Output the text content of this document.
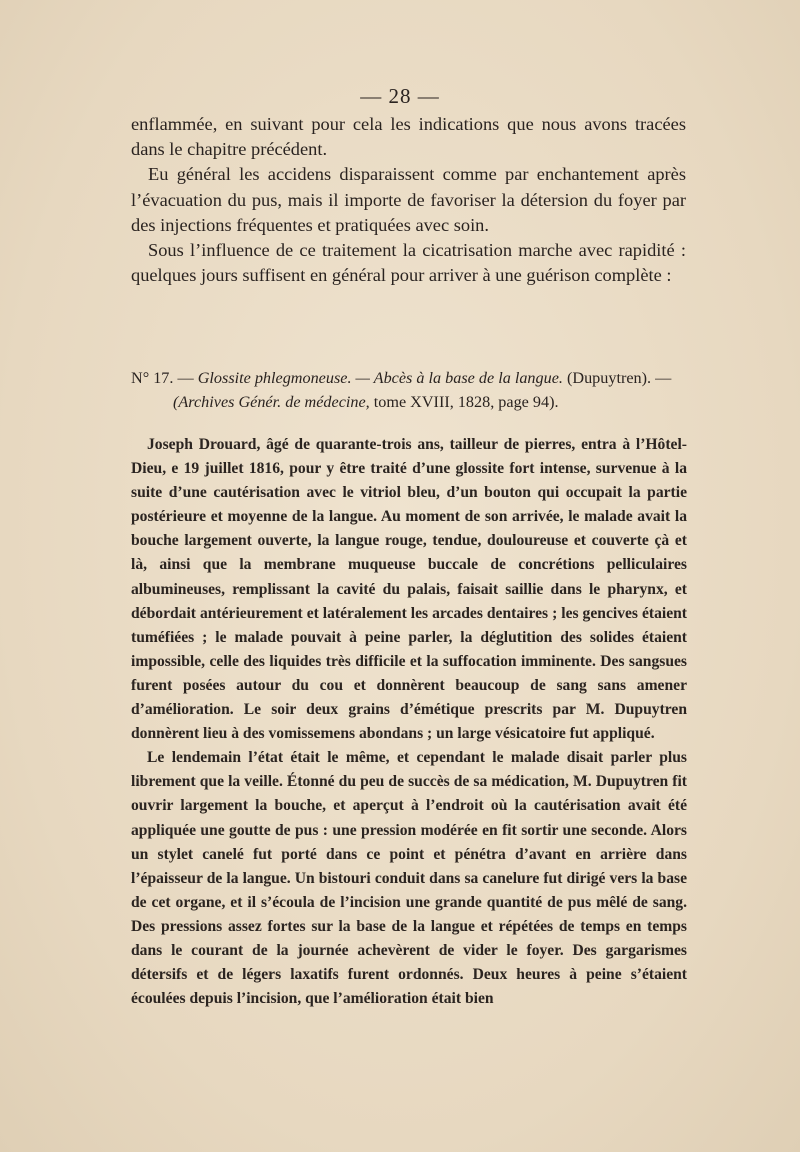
— 28 —

enflammée, en suivant pour cela les indications que nous avons tracées dans le chapitre précédent.

Eu général les accidens disparaissent comme par enchantement après l’évacuation du pus, mais il importe de favoriser la détersion du foyer par des injections fréquentes et pratiquées avec soin.

Sous l’influence de ce traitement la cicatrisation marche avec rapidité : quelques jours suffisent en général pour arriver à une guérison complète :

N° 17. — Glossite phlegmoneuse. — Abcès à la base de la langue. (Dupuytren). —
(Archives Génér. de médecine, tome XVIII, 1828, page 94).

Joseph Drouard, âgé de quarante-trois ans, tailleur de pierres, entra à l’Hôtel-Dieu, e 19 juillet 1816, pour y être traité d’une glossite fort intense, survenue à la suite d’une cautérisation avec le vitriol bleu, d’un bouton qui occupait la partie postérieure et moyenne de la langue. Au moment de son arrivée, le malade avait la bouche largement ouverte, la langue rouge, tendue, douloureuse et couverte çà et là, ainsi que la membrane muqueuse buccale de concrétions pelliculaires albumineuses, remplissant la cavité du palais, faisait saillie dans le pharynx, et débordait antérieurement et latéralement les arcades dentaires ; les gencives étaient tuméfiées ; le malade pouvait à peine parler, la déglutition des solides étaient impossible, celle des liquides très difficile et la suffocation imminente. Des sangsues furent posées autour du cou et donnèrent beaucoup de sang sans amener d’amélioration. Le soir deux grains d’émétique prescrits par M. Dupuytren donnèrent lieu à des vomissemens abondans ; un large vésicatoire fut appliqué.

Le lendemain l’état était le même, et cependant le malade disait parler plus librement que la veille. Étonné du peu de succès de sa médication, M. Dupuytren fit ouvrir largement la bouche, et aperçut à l’endroit où la cautérisation avait été appliquée une goutte de pus : une pression modérée en fit sortir une seconde. Alors un stylet canelé fut porté dans ce point et pénétra d’avant en arrière dans l’épaisseur de la langue. Un bistouri conduit dans sa canelure fut dirigé vers la base de cet organe, et il s’écoula de l’incision une grande quantité de pus mêlé de sang. Des pressions assez fortes sur la base de la langue et répétées de temps en temps dans le courant de la journée achevèrent de vider le foyer. Des gargarismes détersifs et de légers laxatifs furent ordonnés. Deux heures à peine s’étaient écoulées depuis l’incision, que l’amélioration était bien
